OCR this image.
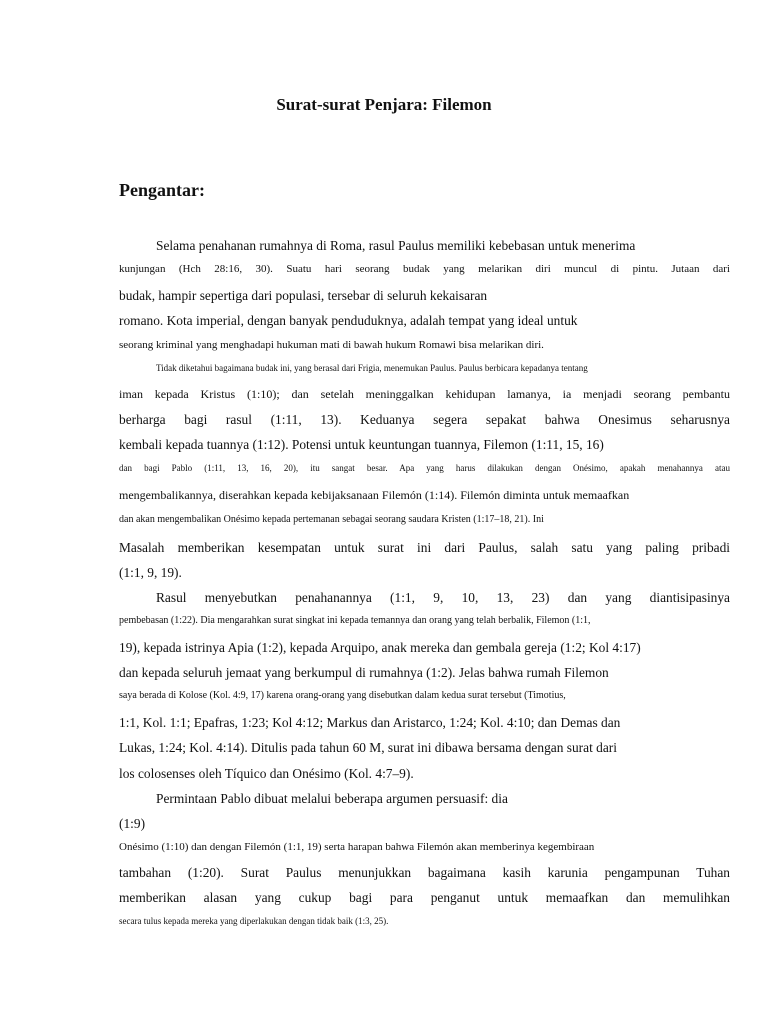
Surat-surat Penjara: Filemon
Pengantar:
Selama penahanan rumahnya di Roma, rasul Paulus memiliki kebebasan untuk menerima
kunjungan (Hch 28:16, 30). Suatu hari seorang budak yang melarikan diri muncul di pintu. Jutaan dari
budak, hampir sepertiga dari populasi, tersebar di seluruh kekaisaran
romano. Kota imperial, dengan banyak penduduknya, adalah tempat yang ideal untuk
seorang kriminal yang menghadapi hukuman mati di bawah hukum Romawi bisa melarikan diri.
Tidak diketahui bagaimana budak ini, yang berasal dari Frigia, menemukan Paulus. Paulus berbicara kepadanya tentang
iman kepada Kristus (1:10); dan setelah meninggalkan kehidupan lamanya, ia menjadi seorang pembantu
berharga bagi rasul (1:11, 13). Keduanya segera sepakat bahwa Onesimus seharusnya
kembali kepada tuannya (1:12). Potensi untuk keuntungan tuannya, Filemon (1:11, 15, 16)
dan bagi Pablo (1:11, 13, 16, 20), itu sangat besar. Apa yang harus dilakukan dengan Onésimo, apakah menahannya atau
mengembalikannya, diserahkan kepada kebijaksanaan Filemón (1:14). Filemón diminta untuk memaafkan
dan akan mengembalikan Onésimo kepada pertemanan sebagai seorang saudara Kristen (1:17–18, 21). Ini
Masalah memberikan kesempatan untuk surat ini dari Paulus, salah satu yang paling pribadi
(1:1, 9, 19).
Rasul menyebutkan penahanannya (1:1, 9, 10, 13, 23) dan yang diantisipasinya
pembebasan (1:22). Dia mengarahkan surat singkat ini kepada temannya dan orang yang telah berbalik, Filemon (1:1,
19), kepada istrinya Apia (1:2), kepada Arquipo, anak mereka dan gembala gereja (1:2; Kol 4:17)
dan kepada seluruh jemaat yang berkumpul di rumahnya (1:2). Jelas bahwa rumah Filemon
saya berada di Kolose (Kol. 4:9, 17) karena orang-orang yang disebutkan dalam kedua surat tersebut (Timotius,
1:1, Kol. 1:1; Epafras, 1:23; Kol 4:12; Markus dan Aristarco, 1:24; Kol. 4:10; dan Demas dan
Lukas, 1:24; Kol. 4:14). Ditulis pada tahun 60 M, surat ini dibawa bersama dengan surat dari
los colosenses oleh Tíquico dan Onésimo (Kol. 4:7–9).
Permintaan Pablo dibuat melalui beberapa argumen persuasif: dia
(1:9)
Onésimo (1:10) dan dengan Filemón (1:1, 19) serta harapan bahwa Filemón akan memberinya kegembiraan
tambahan (1:20). Surat Paulus menunjukkan bagaimana kasih karunia pengampunan Tuhan
memberikan alasan yang cukup bagi para penganut untuk memaafkan dan memulihkan
secara tulus kepada mereka yang diperlakukan dengan tidak baik (1:3, 25).
